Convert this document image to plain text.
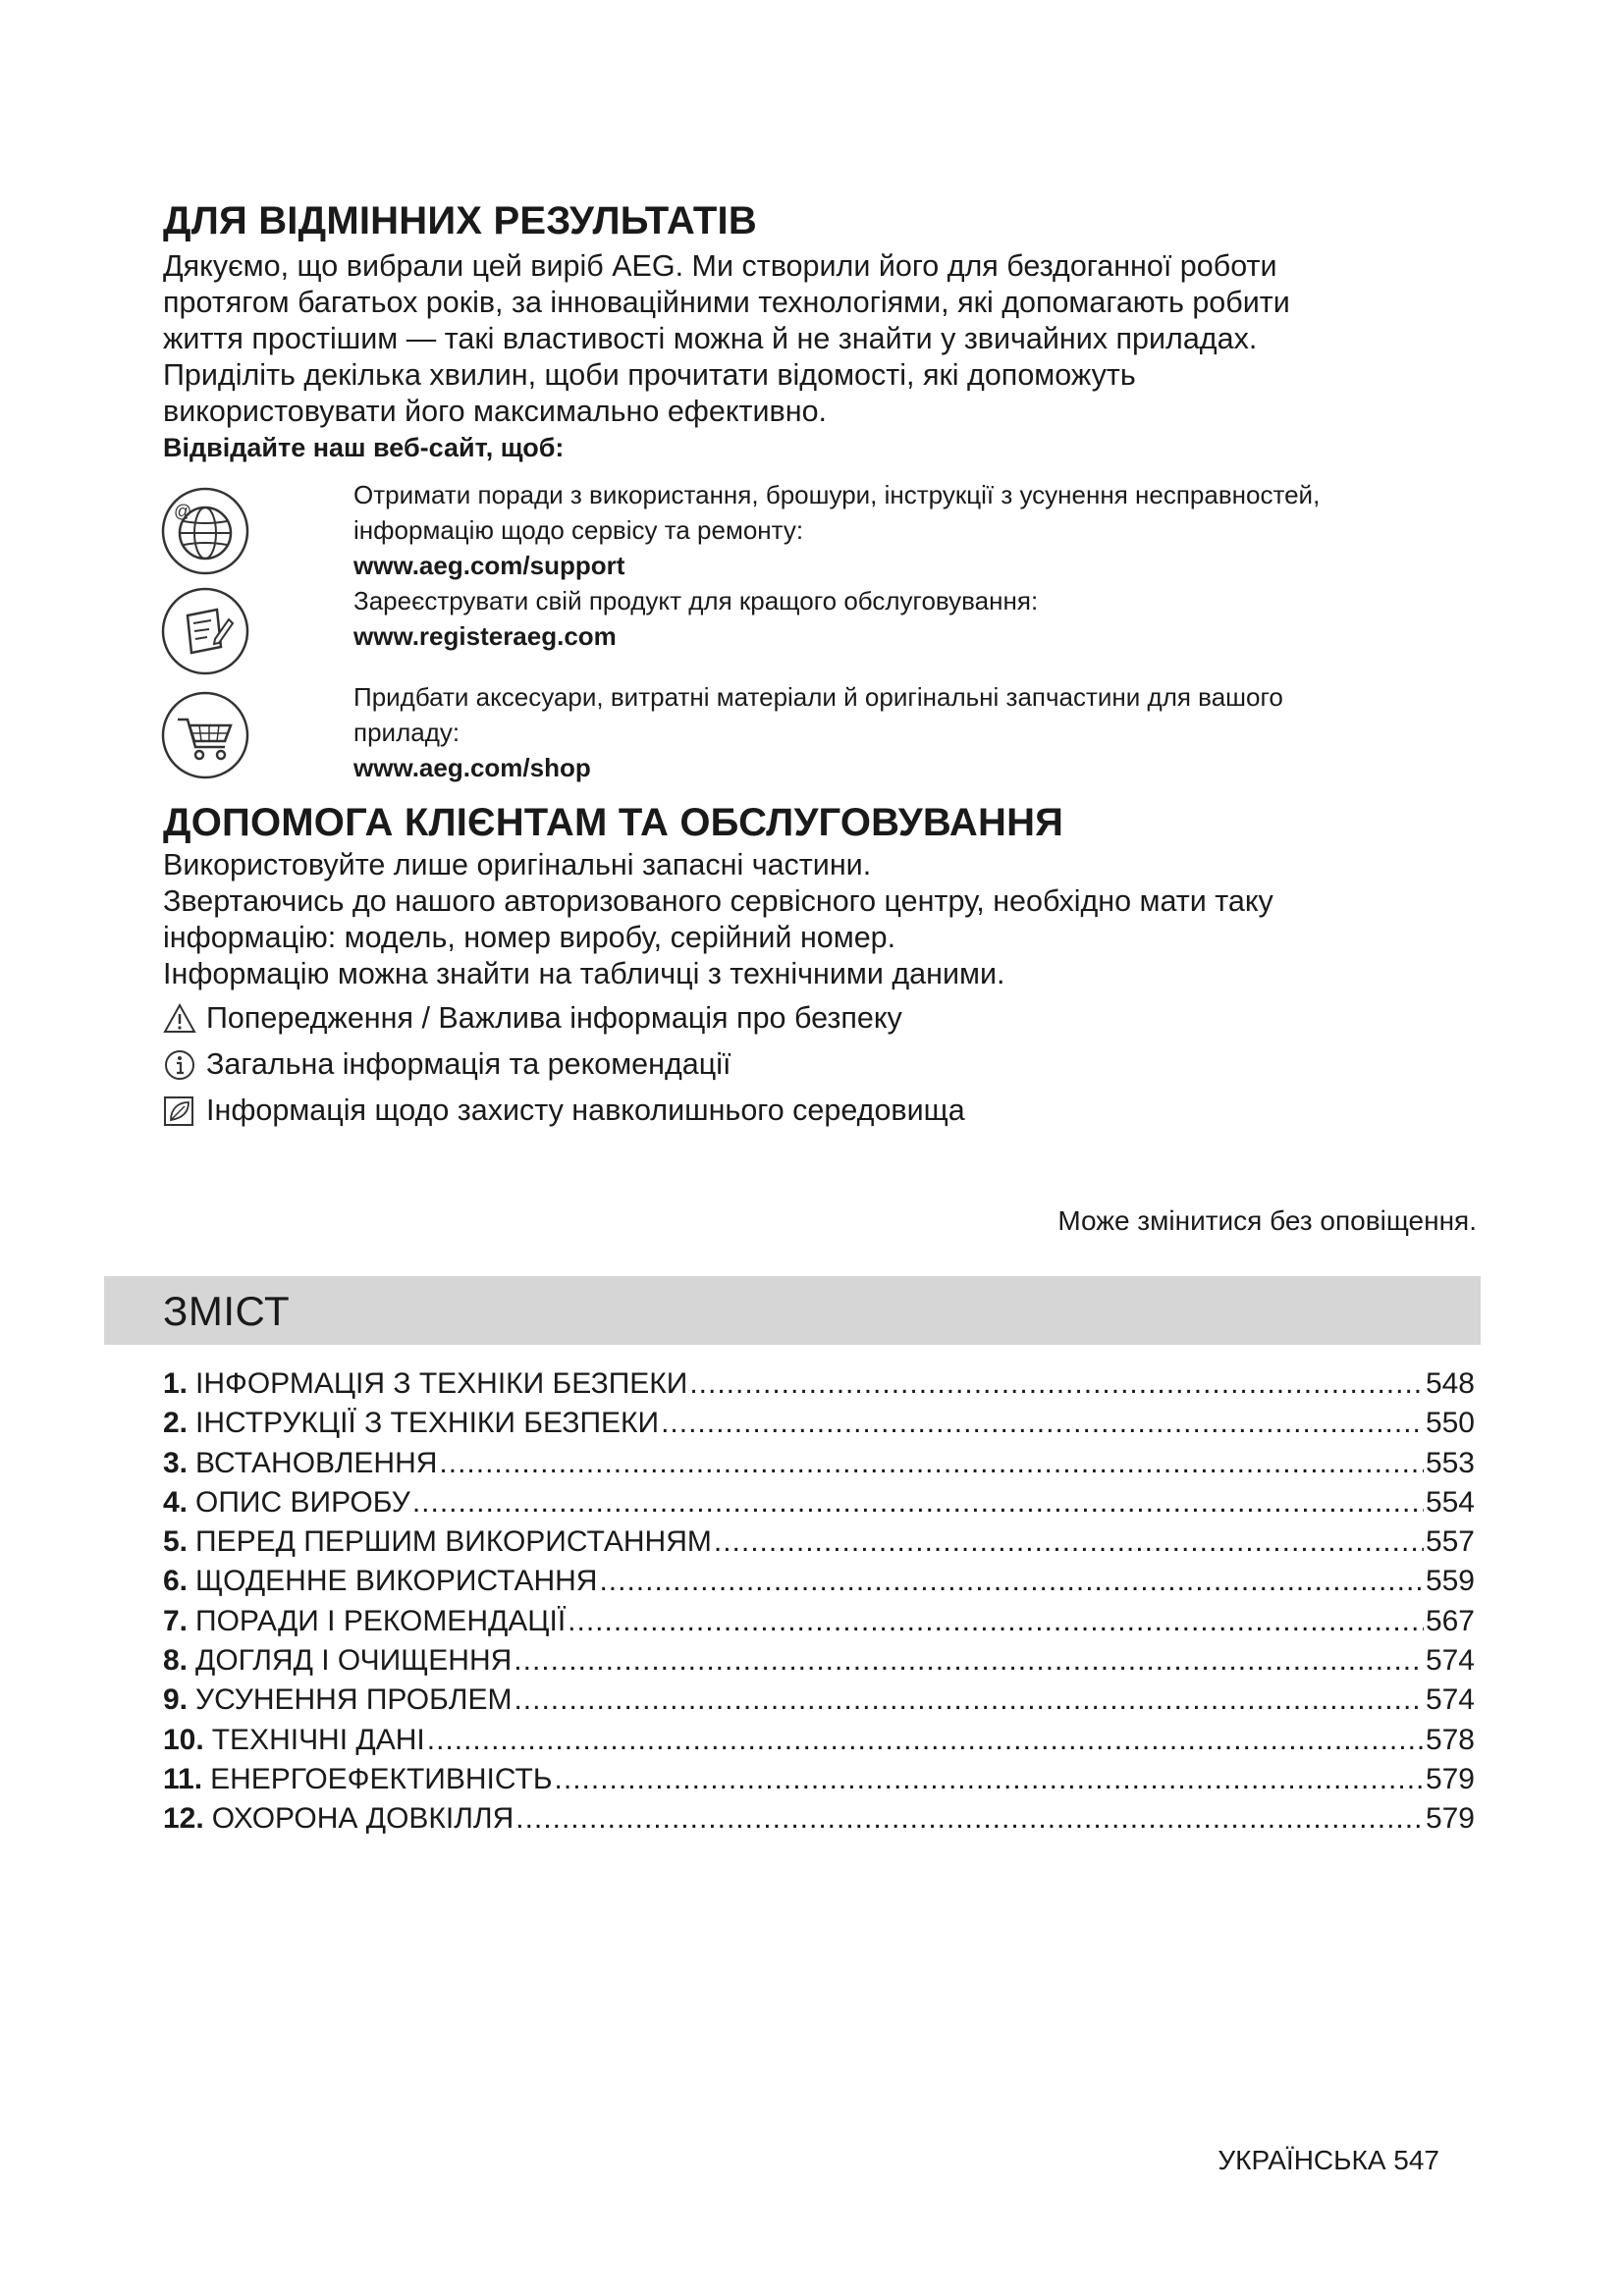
ДЛЯ ВІДМІННИХ РЕЗУЛЬТАТІВ

Дякуємо, що вибрали цей виріб AEG. Ми створили його для бездоганної роботи

протягом багатьох років, за інноваційними технологіями, які допомагають робити

життя простішим — такі властивості можна й не знайти у звичайних приладах.

Приділіть декілька хвилин, щоби прочитати відомості, які допоможуть

використовувати його максимально ефективно.

Відвідайте наш веб-сайт, щоб:
@
Отримати поради з використання, брошури, інструкції з усунення несправностей,
інформацію щодо сервісу та ремонту:
www.aeg.com/support
Зареєструвати свій продукт для кращого обслуговування:
www.registeraeg.com
Придбати аксесуари, витратні матеріали й оригінальні запчастини для вашого
приладу:
www.aeg.com/shop
ДОПОМОГА КЛІЄНТАМ ТА ОБСЛУГОВУВАННЯ

Використовуйте лише оригінальні запасні частини.

Звертаючись до нашого авторизованого сервісного центру, необхідно мати таку

інформацію: модель, номер виробу, серійний номер.

Інформацію можна знайти на табличці з технічними даними.

Попередження / Важлива інформація про безпеку
Загальна інформація та рекомендації
Інформація щодо захисту навколишнього середовища
Може змінитися без оповіщення.
ЗМІСТ
1. ІНФОРМАЦІЯ З ТЕХНІКИ БЕЗПЕКИ .....	548
2. ІНСТРУКЦІЇ З ТЕХНІКИ БЕЗПЕКИ .....	550
3. ВСТАНОВЛЕННЯ .....	553
4. ОПИС ВИРОБУ .....	554
5. ПЕРЕД ПЕРШИМ ВИКОРИСТАННЯМ .....	557
6. ЩОДЕННЕ ВИКОРИСТАННЯ .....	559
7. ПОРАДИ І РЕКОМЕНДАЦІЇ .....	567
8. ДОГЛЯД І ОЧИЩЕННЯ .....	574
9. УСУНЕННЯ ПРОБЛЕМ .....	574
10. ТЕХНІЧНІ ДАНІ .....	578
11. ЕНЕРГОЕФЕКТИВНІСТЬ .....	579
12. ОХОРОНА ДОВКІЛЛЯ .....	579
УКРАЇНСЬКА 547
